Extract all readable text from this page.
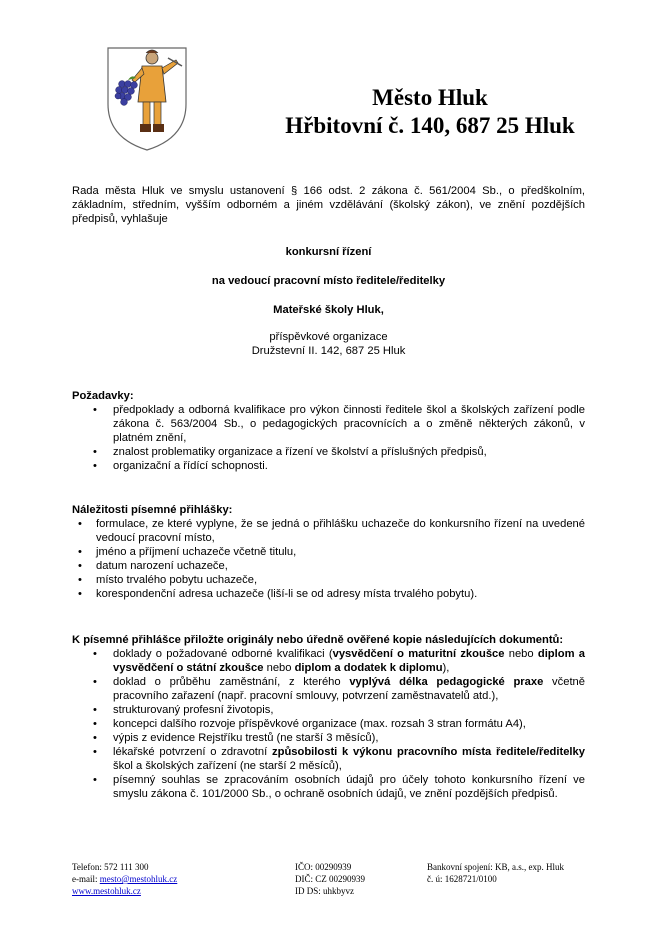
Město Hluk
Hřbitovní č. 140, 687 25 Hluk
Rada města Hluk ve smyslu ustanovení § 166 odst. 2 zákona č. 561/2004 Sb., o předškolním, základním, středním, vyšším odborném a jiném vzdělávání (školský zákon), ve znění pozdějších předpisů, vyhlašuje
konkursní řízení
na vedoucí pracovní místo ředitele/ředitelky
Mateřské školy Hluk,
příspěvkové organizace
Družstevní II. 142, 687 25 Hluk
Požadavky:
• předpoklady a odborná kvalifikace pro výkon činnosti ředitele škol a školských zařízení podle zákona č. 563/2004 Sb., o pedagogických pracovnících a o změně některých zákonů, v platném znění,
• znalost problematiky organizace a řízení ve školství a příslušných předpisů,
• organizační a řídící schopnosti.
Náležitosti písemné přihlášky:
• formulace, ze které vyplyne, že se jedná o přihlášku uchazeče do konkursního řízení na uvedené vedoucí pracovní místo,
• jméno a příjmení uchazeče včetně titulu,
• datum narození uchazeče,
• místo trvalého pobytu uchazeče,
• korespondenční adresa uchazeče (liší-li se od adresy místa trvalého pobytu).
K písemné přihlášce přiložte originály nebo úředně ověřené kopie následujících dokumentů:
• doklady o požadované odborné kvalifikaci (vysvědčení o maturitní zkoušce nebo diplom a vysvědčení o státní zkoušce nebo diplom a dodatek k diplomu),
• doklad o průběhu zaměstnání, z kterého vyplývá délka pedagogické praxe včetně pracovního zařazení (např. pracovní smlouvy, potvrzení zaměstnavatelů atd.),
• strukturovaný profesní životopis,
• koncepci dalšího rozvoje příspěvkové organizace (max. rozsah 3 stran formátu A4),
• výpis z evidence Rejstříku trestů (ne starší 3 měsíců),
• lékařské potvrzení o zdravotní způsobilosti k výkonu pracovního místa ředitele/ředitelky škol a školských zařízení (ne starší 2 měsíců),
• písemný souhlas se zpracováním osobních údajů pro účely tohoto konkursního řízení ve smyslu zákona č. 101/2000 Sb., o ochraně osobních údajů, ve znění pozdějších předpisů.
Telefon: 572 111 300
e-mail: mesto@mestohluk.cz
www.mestohluk.cz
IČO: 00290939
DIČ: CZ 00290939
ID DS: uhkbyvz
Bankovní spojení: KB, a.s., exp. Hluk
č. ú: 1628721/0100
